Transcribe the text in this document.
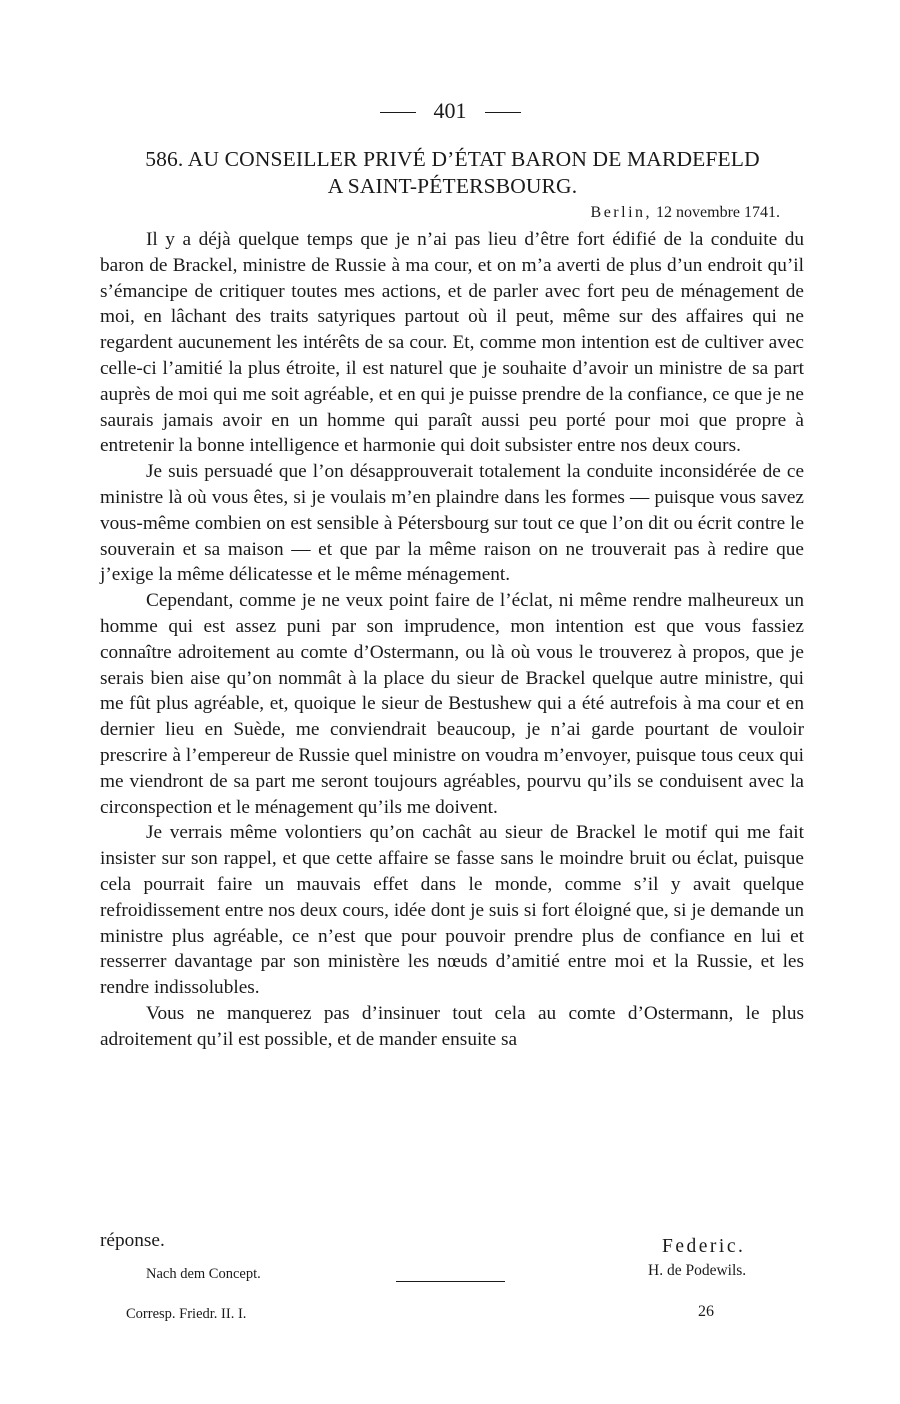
401
586. AU CONSEILLER PRIVÉ D’ÉTAT BARON DE MARDEFELD
A SAINT-PÉTERSBOURG.
Berlin, 12 novembre 1741.

Il y a déjà quelque temps que je n’ai pas lieu d’être fort édifié de la conduite du baron de Brackel, ministre de Russie à ma cour, et on m’a averti de plus d’un endroit qu’il s’émancipe de critiquer toutes mes actions, et de parler avec fort peu de ménagement de moi, en lâchant des traits satyriques partout où il peut, même sur des affaires qui ne regardent aucunement les intérêts de sa cour. Et, comme mon intention est de cultiver avec celle-ci l’amitié la plus étroite, il est naturel que je souhaite d’avoir un ministre de sa part auprès de moi qui me soit agréable, et en qui je puisse prendre de la confiance, ce que je ne saurais jamais avoir en un homme qui paraît aussi peu porté pour moi que propre à entretenir la bonne intelligence et harmonie qui doit subsister entre nos deux cours.

Je suis persuadé que l’on désapprouverait totalement la conduite inconsidérée de ce ministre là où vous êtes, si je voulais m’en plaindre dans les formes — puisque vous savez vous-même combien on est sensible à Pétersbourg sur tout ce que l’on dit ou écrit contre le souverain et sa maison — et que par la même raison on ne trouverait pas à redire que j’exige la même délicatesse et le même ménagement.

Cependant, comme je ne veux point faire de l’éclat, ni même rendre malheureux un homme qui est assez puni par son imprudence, mon intention est que vous fassiez connaître adroitement au comte d’Ostermann, ou là où vous le trouverez à propos, que je serais bien aise qu’on nommât à la place du sieur de Brackel quelque autre ministre, qui me fût plus agréable, et, quoique le sieur de Bestushew qui a été autrefois à ma cour et en dernier lieu en Suède, me conviendrait beaucoup, je n’ai garde pourtant de vouloir prescrire à l’empereur de Russie quel ministre on voudra m’envoyer, puisque tous ceux qui me viendront de sa part me seront toujours agréables, pourvu qu’ils se conduisent avec la circonspection et le ménagement qu’ils me doivent.

Je verrais même volontiers qu’on cachât au sieur de Brackel le motif qui me fait insister sur son rappel, et que cette affaire se fasse sans le moindre bruit ou éclat, puisque cela pourrait faire un mauvais effet dans le monde, comme s’il y avait quelque refroidissement entre nos deux cours, idée dont je suis si fort éloigné que, si je demande un ministre plus agréable, ce n’est que pour pouvoir prendre plus de confiance en lui et resserrer davantage par son ministère les nœuds d’amitié entre moi et la Russie, et les rendre indissolubles.

Vous ne manquerez pas d’insinuer tout cela au comte d’Ostermann, le plus adroitement qu’il est possible, et de mander ensuite sa

réponse.	Federic.
Nach dem Concept.	H. de Podewils.
Corresp. Friedr. II. I.	26
